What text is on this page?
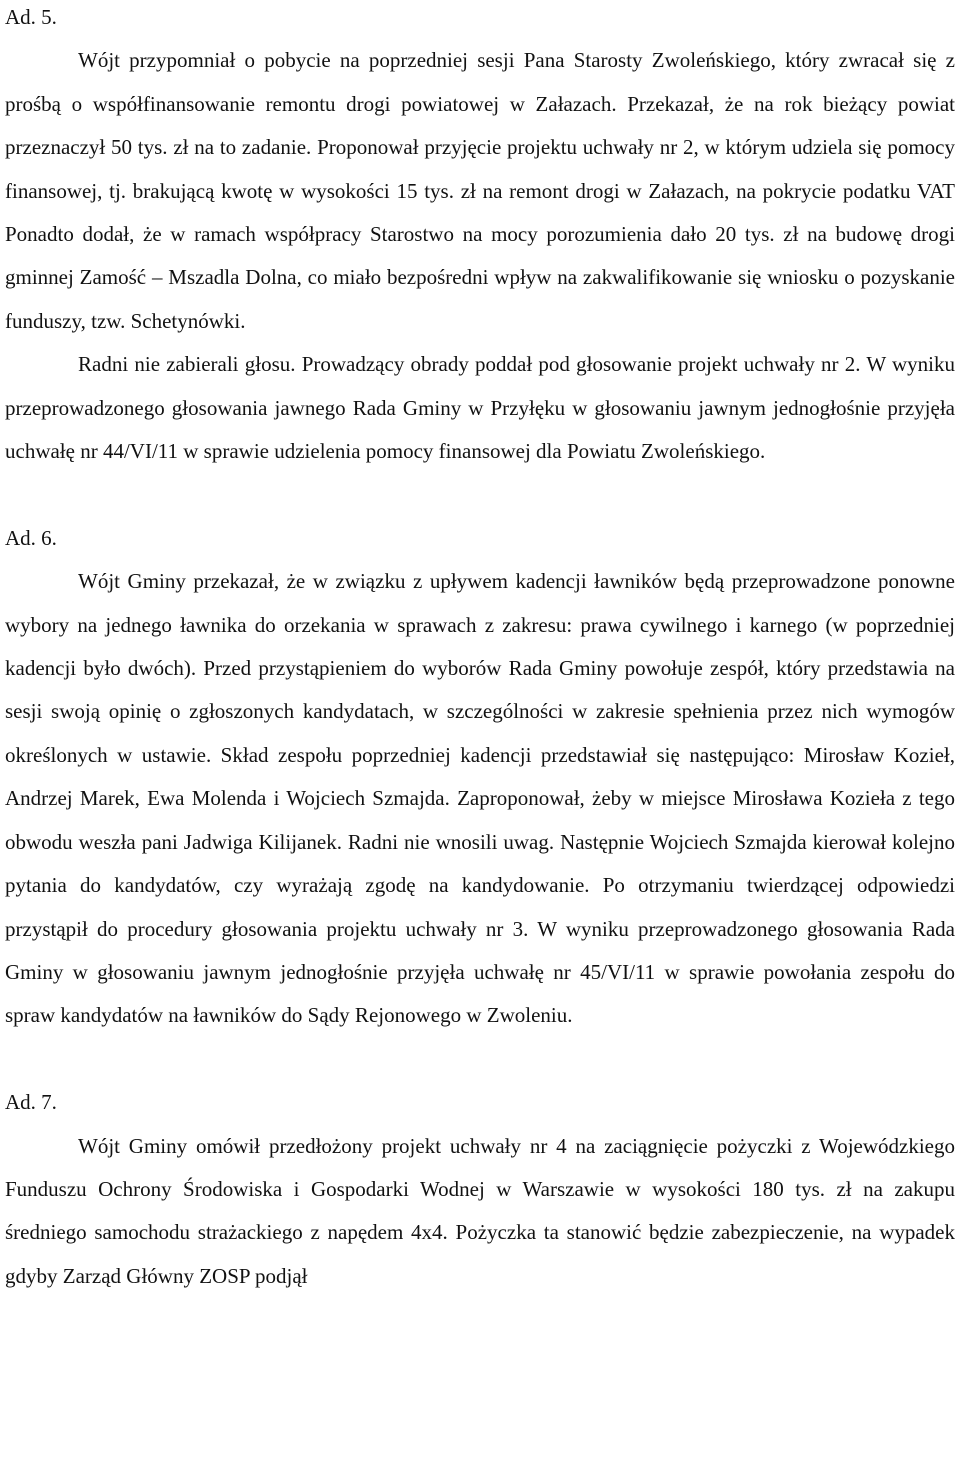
Ad. 5.

Wójt przypomniał o pobycie na poprzedniej sesji Pana Starosty Zwoleńskiego, który zwracał się z prośbą o współfinansowanie remontu drogi powiatowej w Załazach. Przekazał, że na rok bieżący powiat przeznaczył 50 tys. zł na to zadanie. Proponował przyjęcie projektu uchwały nr 2, w którym udziela się pomocy finansowej, tj. brakującą kwotę w wysokości 15 tys. zł na remont drogi w Załazach, na pokrycie podatku VAT Ponadto dodał, że w ramach współpracy Starostwo na mocy porozumienia dało 20 tys. zł na budowę drogi gminnej Zamość – Mszadla Dolna, co miało bezpośredni wpływ na zakwalifikowanie się wniosku o pozyskanie funduszy, tzw. Schetynówki.

Radni nie zabierali głosu. Prowadzący obrady poddał pod głosowanie projekt uchwały nr 2. W wyniku przeprowadzonego głosowania jawnego Rada Gminy w Przyłęku w głosowaniu jawnym jednogłośnie przyjęła uchwałę nr 44/VI/11 w sprawie udzielenia pomocy finansowej dla Powiatu Zwoleńskiego.

Ad. 6.

Wójt Gminy przekazał, że w związku z upływem kadencji ławników będą przeprowadzone ponowne wybory na jednego ławnika do orzekania w sprawach z zakresu: prawa cywilnego i karnego (w poprzedniej kadencji było dwóch). Przed przystąpieniem do wyborów Rada Gminy powołuje zespół, który przedstawia na sesji swoją opinię o zgłoszonych kandydatach, w szczególności w zakresie spełnienia przez nich wymogów określonych w ustawie. Skład zespołu poprzedniej kadencji przedstawiał się następująco: Mirosław Kozieł, Andrzej Marek, Ewa Molenda i Wojciech Szmajda. Zaproponował, żeby w miejsce Mirosława Kozieła z tego obwodu weszła pani Jadwiga Kilijanek. Radni nie wnosili uwag. Następnie Wojciech Szmajda kierował kolejno pytania do kandydatów, czy wyrażają zgodę na kandydowanie. Po otrzymaniu twierdzącej odpowiedzi przystąpił do procedury głosowania projektu uchwały nr 3. W wyniku przeprowadzonego głosowania Rada Gminy w głosowaniu jawnym jednogłośnie przyjęła uchwałę nr 45/VI/11 w sprawie powołania zespołu do spraw kandydatów na ławników do Sądy Rejonowego w Zwoleniu.

Ad. 7.

Wójt Gminy omówił przedłożony projekt uchwały nr 4 na zaciągnięcie pożyczki z Wojewódzkiego Funduszu Ochrony Środowiska i Gospodarki Wodnej w Warszawie w wysokości 180 tys. zł na zakupu średniego samochodu strażackiego z napędem 4x4. Pożyczka ta stanowić będzie zabezpieczenie, na wypadek gdyby Zarząd Główny ZOSP podjął
